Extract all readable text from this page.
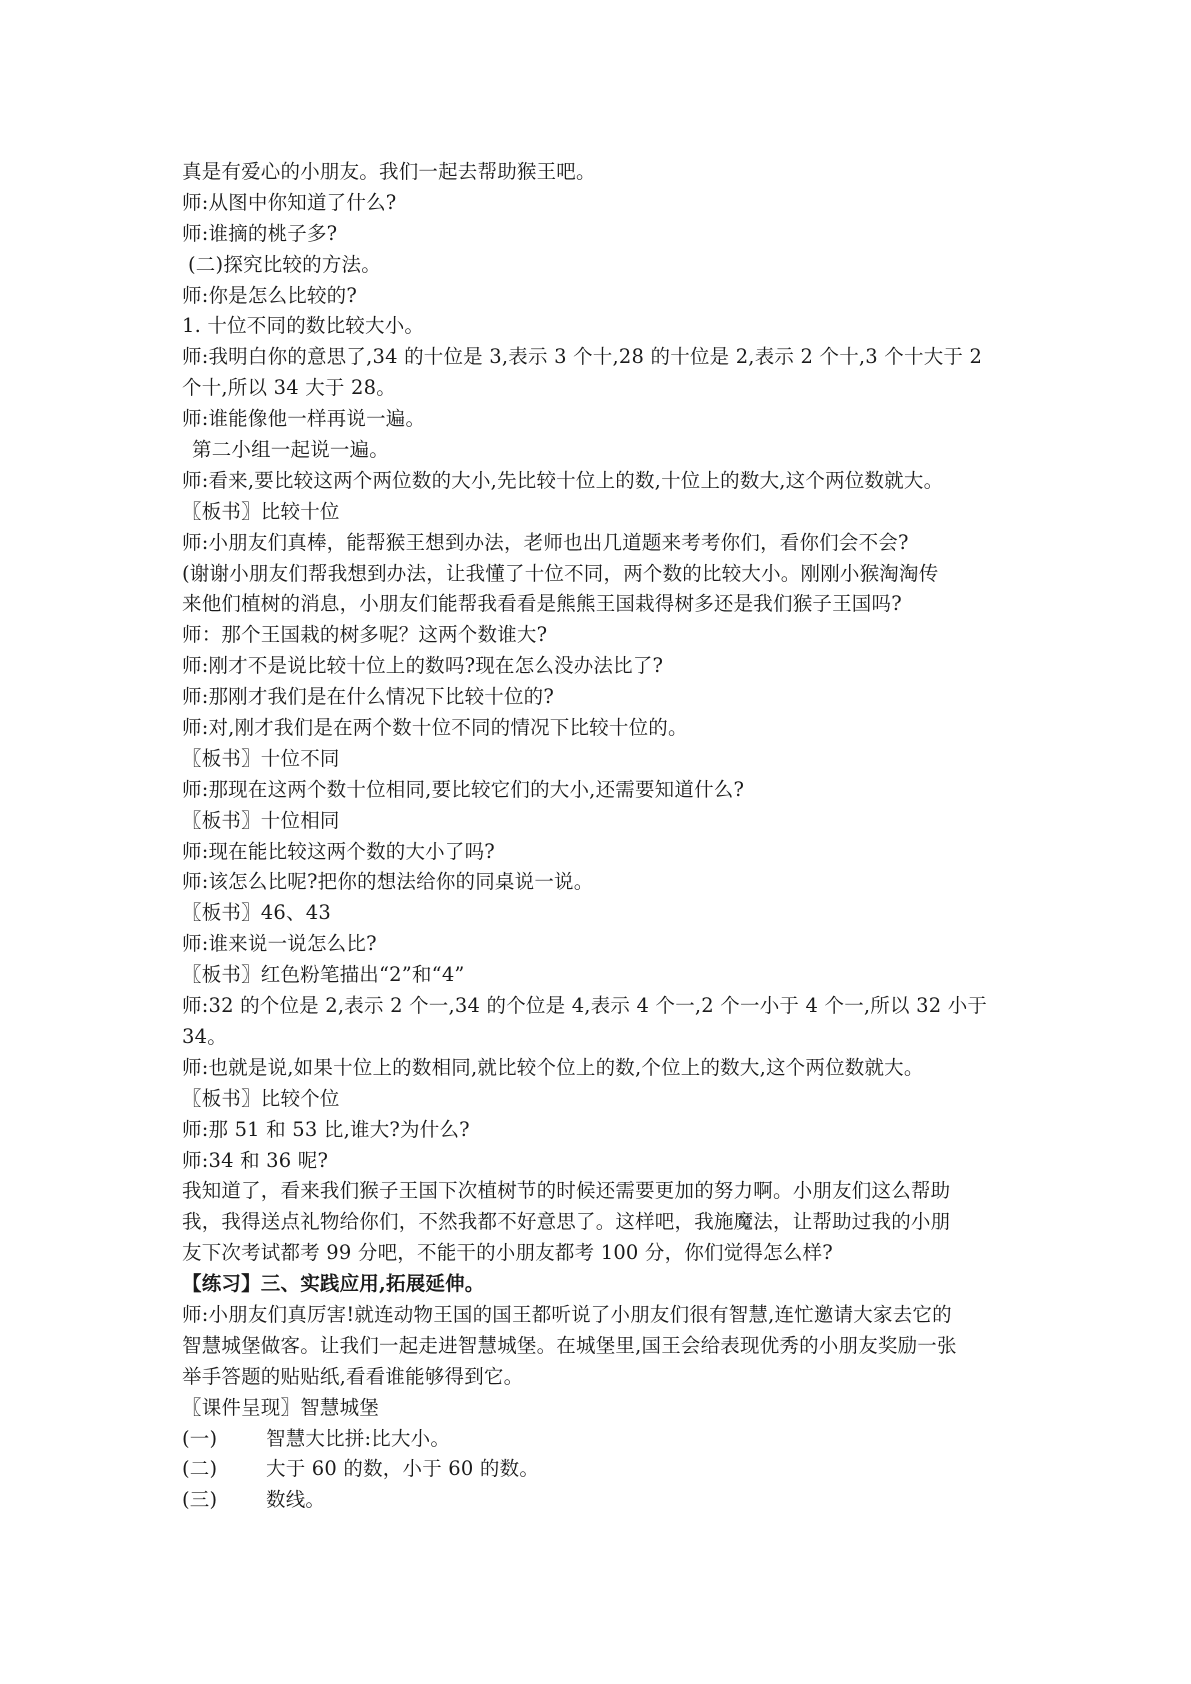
真是有爱心的小朋友。我们一起去帮助猴王吧。
师:从图中你知道了什么?
师:谁摘的桃子多?
(二)探究比较的方法。
师:你是怎么比较的?
1. 十位不同的数比较大小。
师:我明白你的意思了,34 的十位是 3,表示 3 个十,28 的十位是 2,表示 2 个十,3 个十大于 2
个十,所以 34 大于 28。
师:谁能像他一样再说一遍。
第二小组一起说一遍。
师:看来,要比较这两个两位数的大小,先比较十位上的数,十位上的数大,这个两位数就大。
〖板书〗比较十位
师:小朋友们真棒，能帮猴王想到办法，老师也出几道题来考考你们，看你们会不会?
(谢谢小朋友们帮我想到办法，让我懂了十位不同，两个数的比较大小。刚刚小猴淘淘传
来他们植树的消息，小朋友们能帮我看看是熊熊王国栽得树多还是我们猴子王国吗?
师：那个王国栽的树多呢？这两个数谁大?
师:刚才不是说比较十位上的数吗?现在怎么没办法比了?
师:那刚才我们是在什么情况下比较十位的?
师:对,刚才我们是在两个数十位不同的情况下比较十位的。
〖板书〗十位不同
师:那现在这两个数十位相同,要比较它们的大小,还需要知道什么?
〖板书〗十位相同
师:现在能比较这两个数的大小了吗?
师:该怎么比呢?把你的想法给你的同桌说一说。
〖板书〗46、43
师:谁来说一说怎么比?
〖板书〗红色粉笔描出“2”和“4”
师:32 的个位是 2,表示 2 个一,34 的个位是 4,表示 4 个一,2 个一小于 4 个一,所以 32 小于
34。
师:也就是说,如果十位上的数相同,就比较个位上的数,个位上的数大,这个两位数就大。
〖板书〗比较个位
师:那 51 和 53 比,谁大?为什么?
师:34 和 36 呢?
我知道了，看来我们猴子王国下次植树节的时候还需要更加的努力啊。小朋友们这么帮助
我，我得送点礼物给你们，不然我都不好意思了。这样吧，我施魔法，让帮助过我的小朋
友下次考试都考 99 分吧，不能干的小朋友都考 100 分，你们觉得怎么样?
【练习】三、实践应用,拓展延伸。
师:小朋友们真厉害!就连动物王国的国王都听说了小朋友们很有智慧,连忙邀请大家去它的
智慧城堡做客。让我们一起走进智慧城堡。在城堡里,国王会给表现优秀的小朋友奖励一张
举手答题的贴贴纸,看看谁能够得到它。
〖课件呈现〗智慧城堡
(一)	智慧大比拼:比大小。
(二)	大于 60 的数，小于 60 的数。
(三)	数线。
